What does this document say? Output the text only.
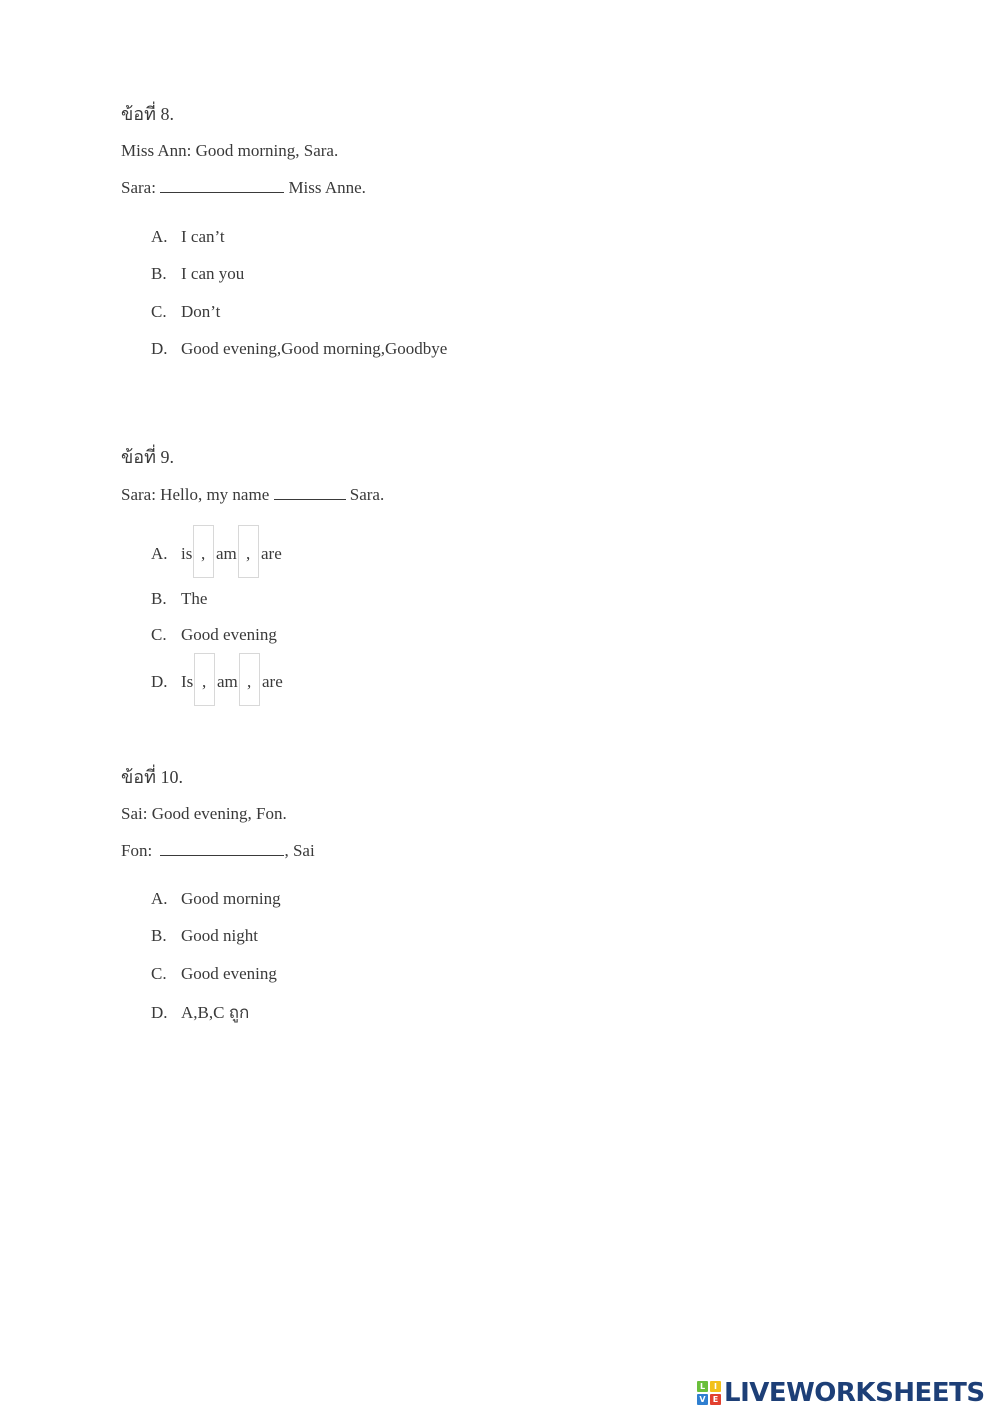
ข้อที่ 8.
Miss Ann: Good morning, Sara.
Sara:	Miss Anne.
A. I can’t
B. I can you
C. Don’t
D. Good evening,Good morning,Goodbye
ข้อที่ 9.
Sara: Hello, my name	Sara.
A. is , am , are
B. The
C. Good evening
D. Is , am , are
ข้อที่ 10.
Sai: Good evening, Fon.
Fon:	, Sai
A. Good morning
B. Good night
C. Good evening
D. A,B,C ถูก
L	I
V E LIVEWORKSHEETS
